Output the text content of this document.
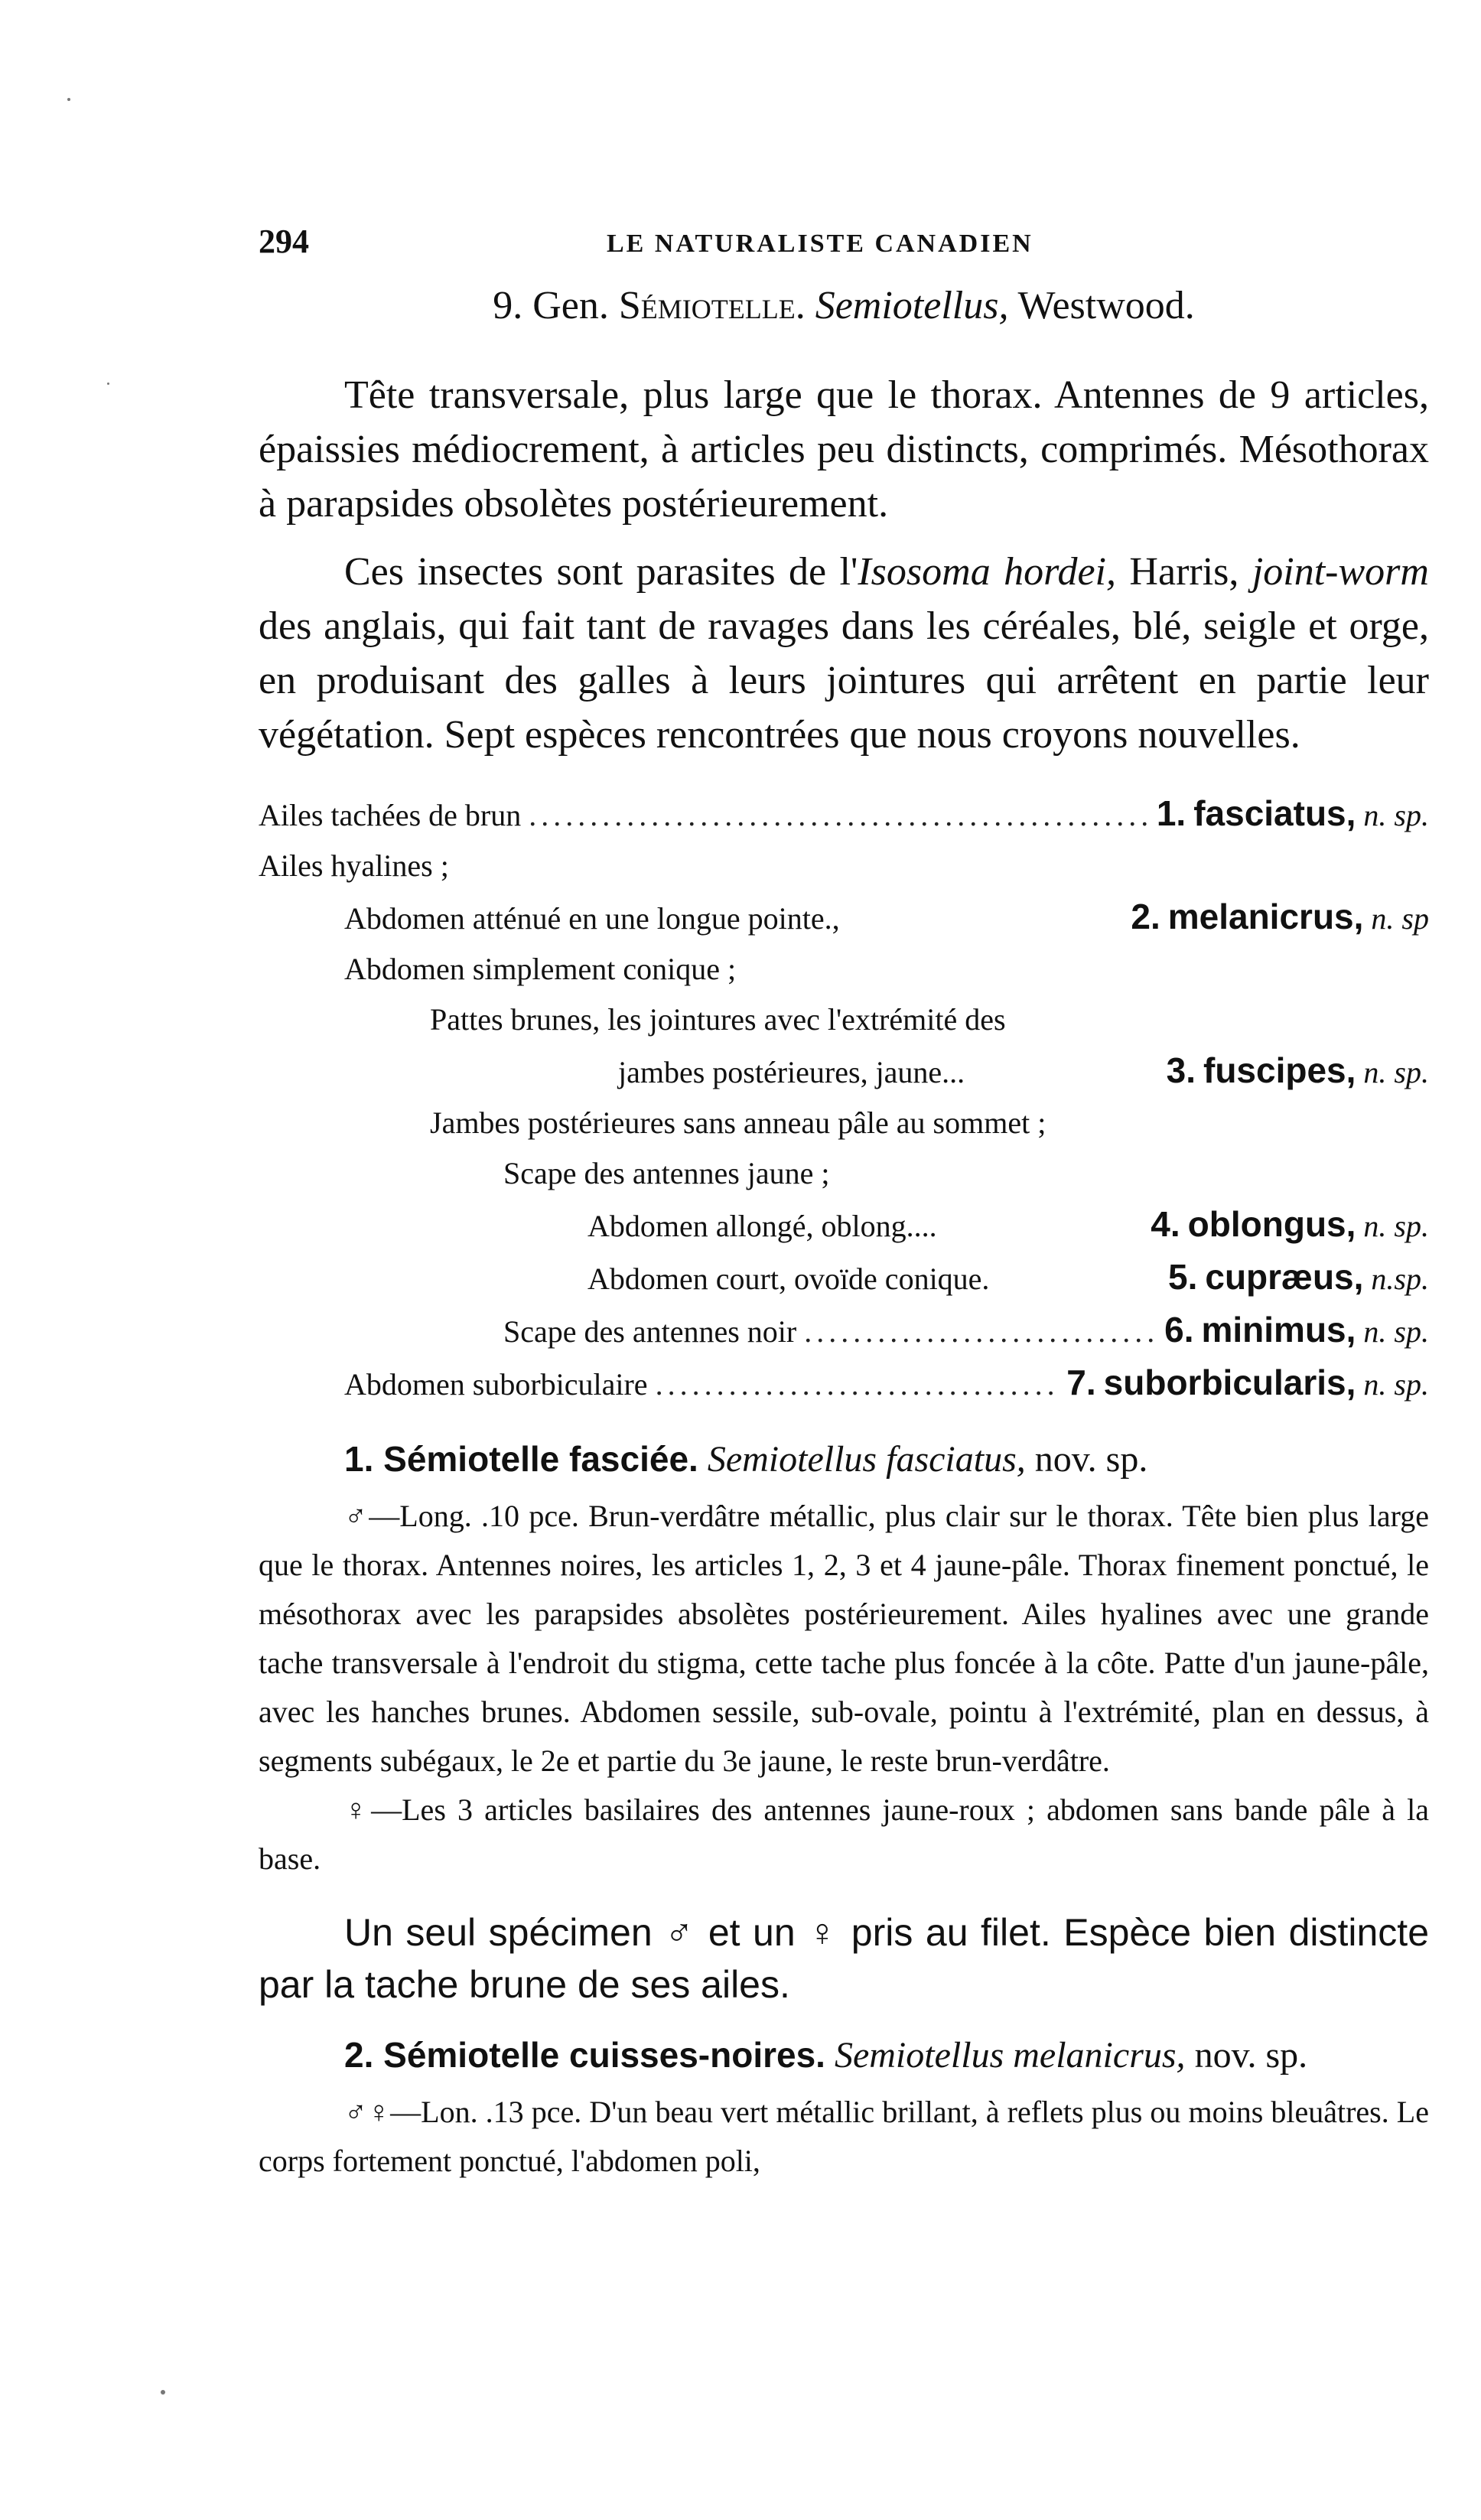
294	LE NATURALISTE CANADIEN
9. Gen. Sémiotelle. Semiotellus, Westwood.

Tête transversale, plus large que le thorax. Antennes de 9 articles, épaissies médiocrement, à articles peu distincts, comprimés. Mésothorax à parapsides obsolètes postérieurement.

Ces insectes sont parasites de l'Isosoma hordei, Harris, joint-worm des anglais, qui fait tant de ravages dans les céréales, blé, seigle et orge, en produisant des galles à leurs jointures qui arrêtent en partie leur végétation. Sept espèces rencontrées que nous croyons nouvelles.

Ailes tachées de brun .....	1. fasciatus, n. sp.
Ailes hyalines ;
Abdomen atténué en une longue pointe.,	2. melanicrus, n. sp
Abdomen simplement conique ;
Pattes brunes, les jointures avec l'extrémité des
jambes postérieures, jaune...	3. fuscipes, n. sp.
Jambes postérieures sans anneau pâle au sommet ;
Scape des antennes jaune ;
Abdomen allongé, oblong....	4. oblongus, n. sp.
Abdomen court, ovoïde conique.	5. cupræus, n.sp.
Scape des antennes noir .....	6. minimus, n. sp.
Abdomen suborbiculaire .....	7. suborbicularis, n. sp.

1. Sémiotelle fasciée. Semiotellus fasciatus, nov. sp.

♂—Long. .10 pce. Brun-verdâtre métallic, plus clair sur le thorax. Tête bien plus large que le thorax. Antennes noires, les articles 1, 2, 3 et 4 jaune-pâle. Thorax finement ponctué, le mésothorax avec les parapsides absolètes postérieurement. Ailes hyalines avec une grande tache transversale à l'endroit du stigma, cette tache plus foncée à la côte. Patte d'un jaune-pâle, avec les hanches brunes. Abdomen sessile, sub-ovale, pointu à l'extrémité, plan en dessus, à segments subégaux, le 2e et partie du 3e jaune, le reste brun-verdâtre.

♀—Les 3 articles basilaires des antennes jaune-roux ; abdomen sans bande pâle à la base.

Un seul spécimen ♂ et un ♀ pris au filet. Espèce bien distincte par la tache brune de ses ailes.

2. Sémiotelle cuisses-noires. Semiotellus melanicrus, nov. sp.

♂♀—Lon. .13 pce. D'un beau vert métallic brillant, à reflets plus ou moins bleuâtres. Le corps fortement ponctué, l'abdomen poli,
